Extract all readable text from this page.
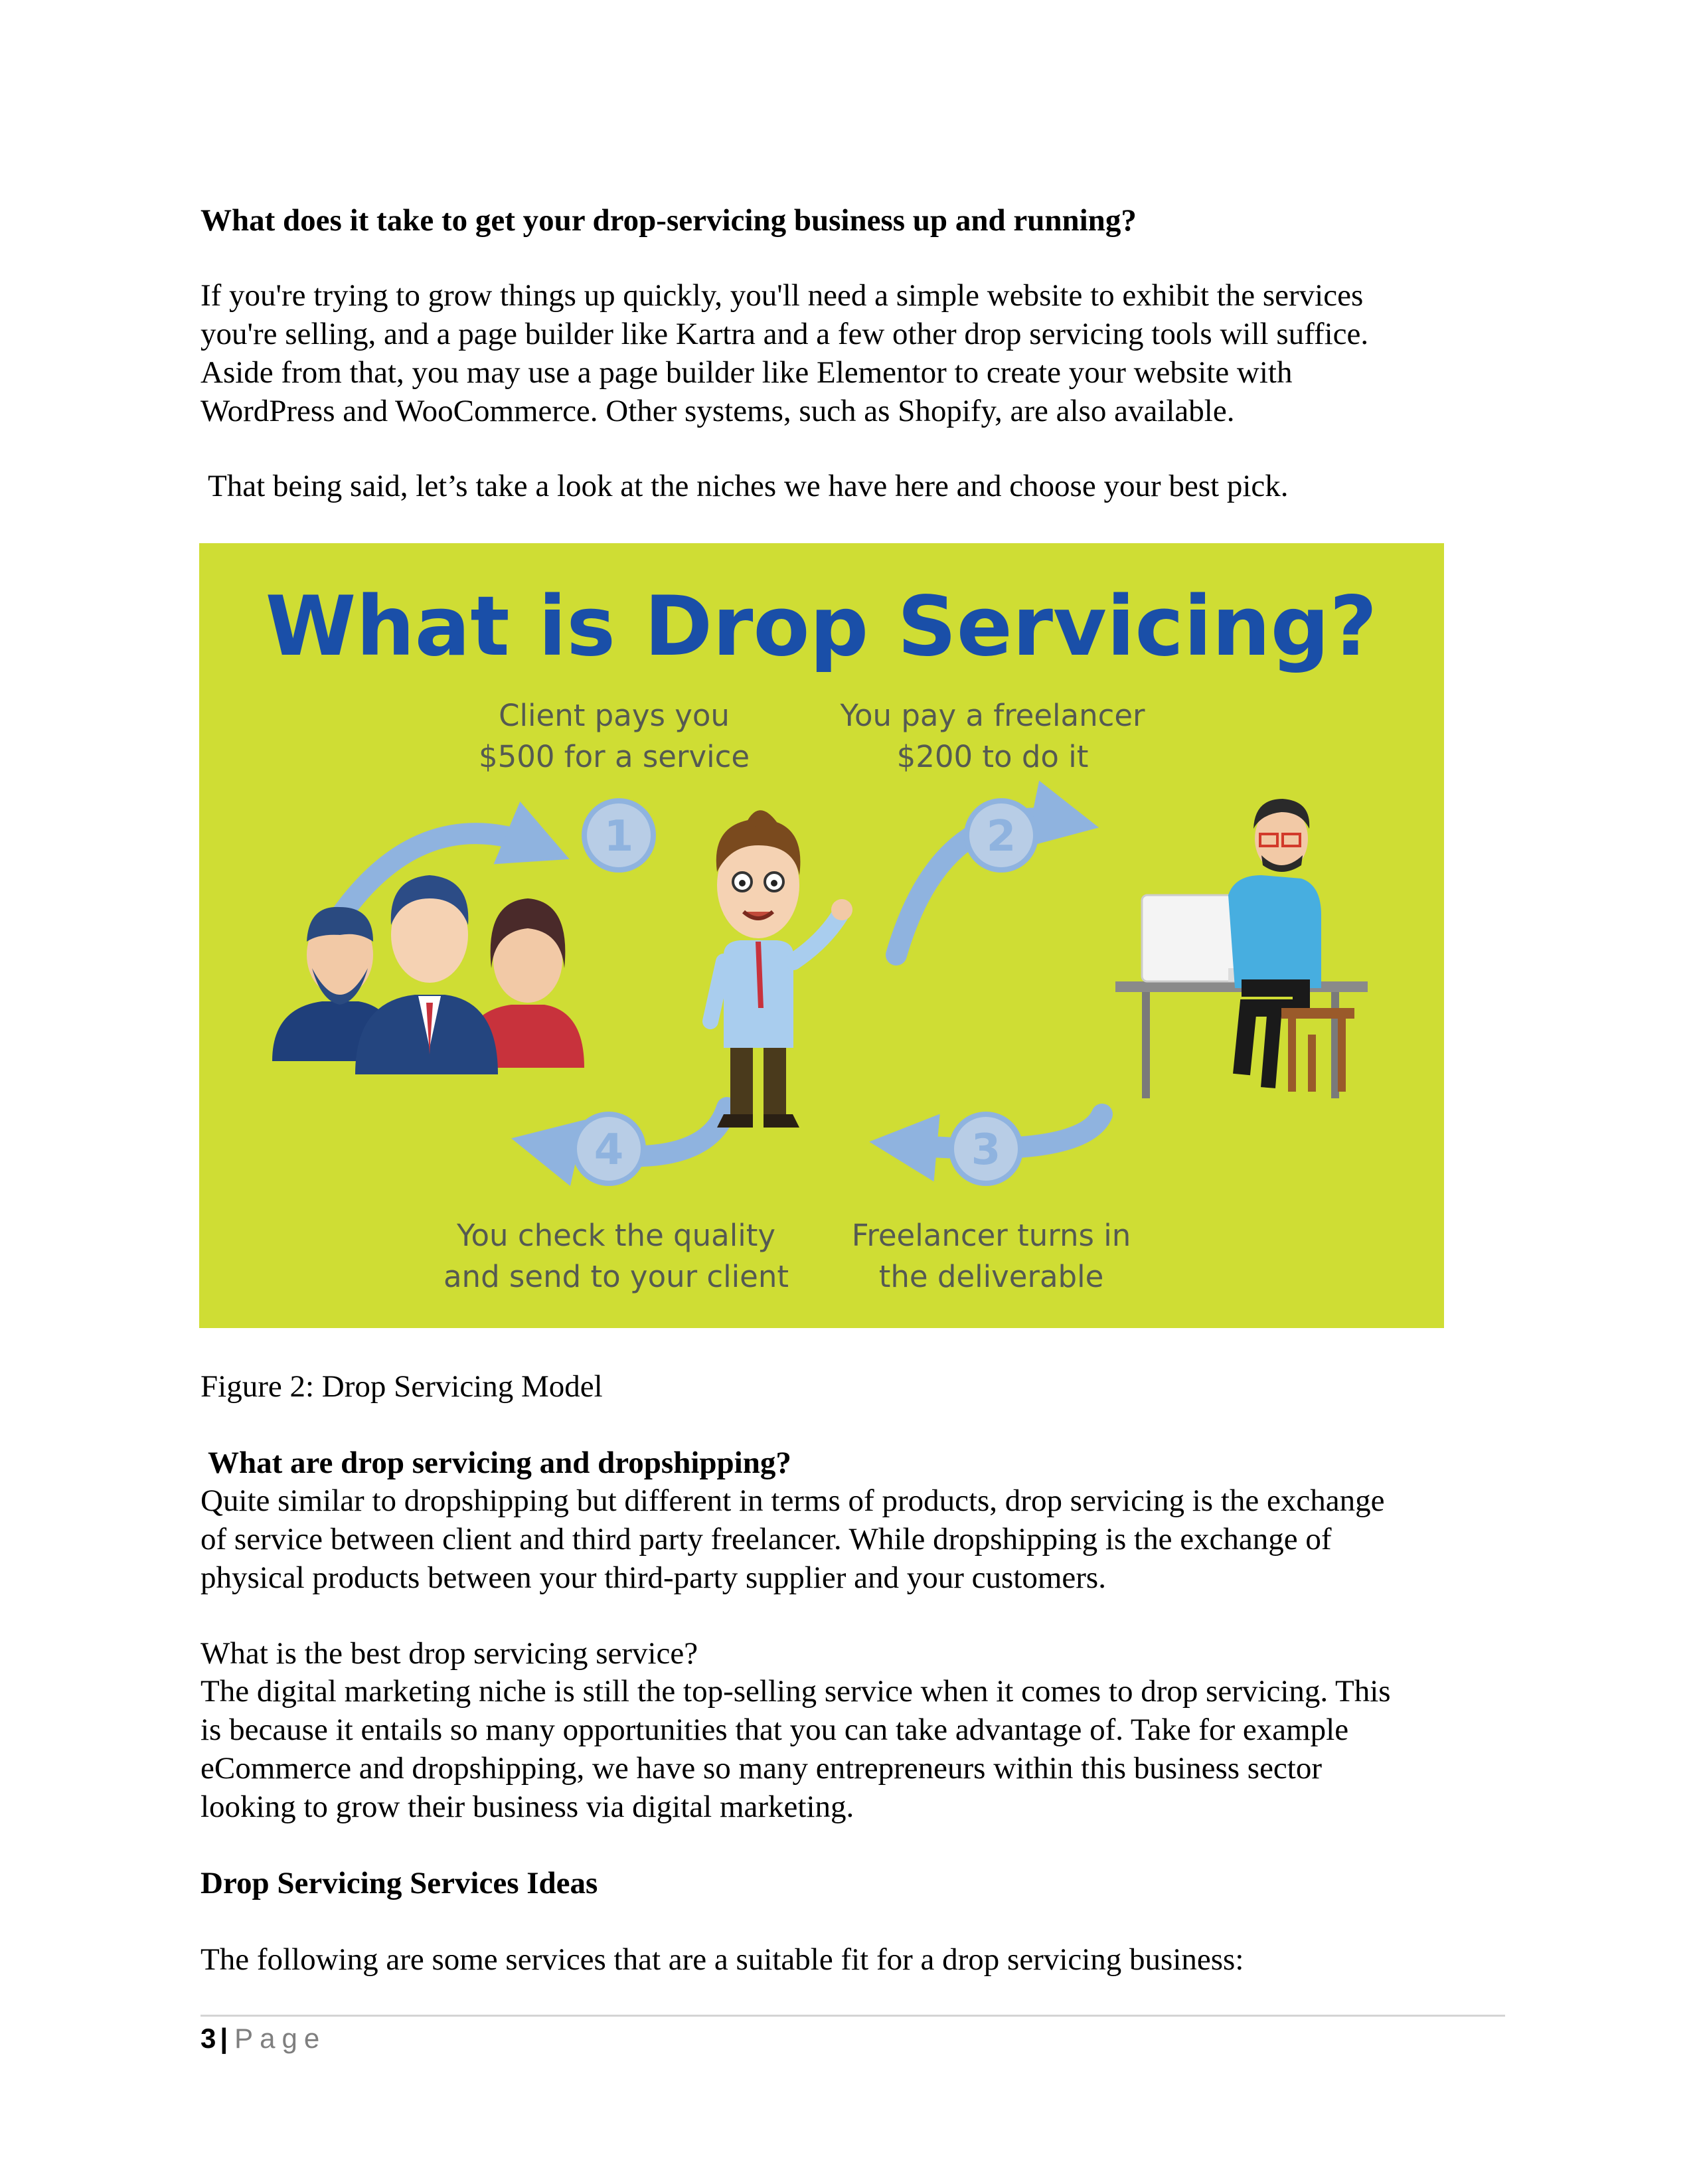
What does it take to get your drop-servicing business up and running?

If you're trying to grow things up quickly, you'll need a simple website to exhibit the services
you're selling, and a page builder like Kartra and a few other drop servicing tools will suffice.
Aside from that, you may use a page builder like Elementor to create your website with
WordPress and WooCommerce. Other systems, such as Shopify, are also available.

That being said, let’s take a look at the niches we have here and choose your best pick.

What is Drop Servicing?
Client pays you
$500 for a service
You pay a freelancer
$200 to do it
Freelancer turns in
the deliverable
You check the quality
and send to your client
1	2
3
4

Figure 2: Drop Servicing Model

What are drop servicing and dropshipping?

Quite similar to dropshipping but different in terms of products, drop servicing is the exchange
of service between client and third party freelancer. While dropshipping is the exchange of
physical products between your third-party supplier and your customers.

What is the best drop servicing service?

The digital marketing niche is still the top-selling service when it comes to drop servicing. This
is because it entails so many opportunities that you can take advantage of. Take for example
eCommerce and dropshipping, we have so many entrepreneurs within this business sector
looking to grow their business via digital marketing.

Drop Servicing Services Ideas

The following are some services that are a suitable fit for a drop servicing business:

3 | Page
